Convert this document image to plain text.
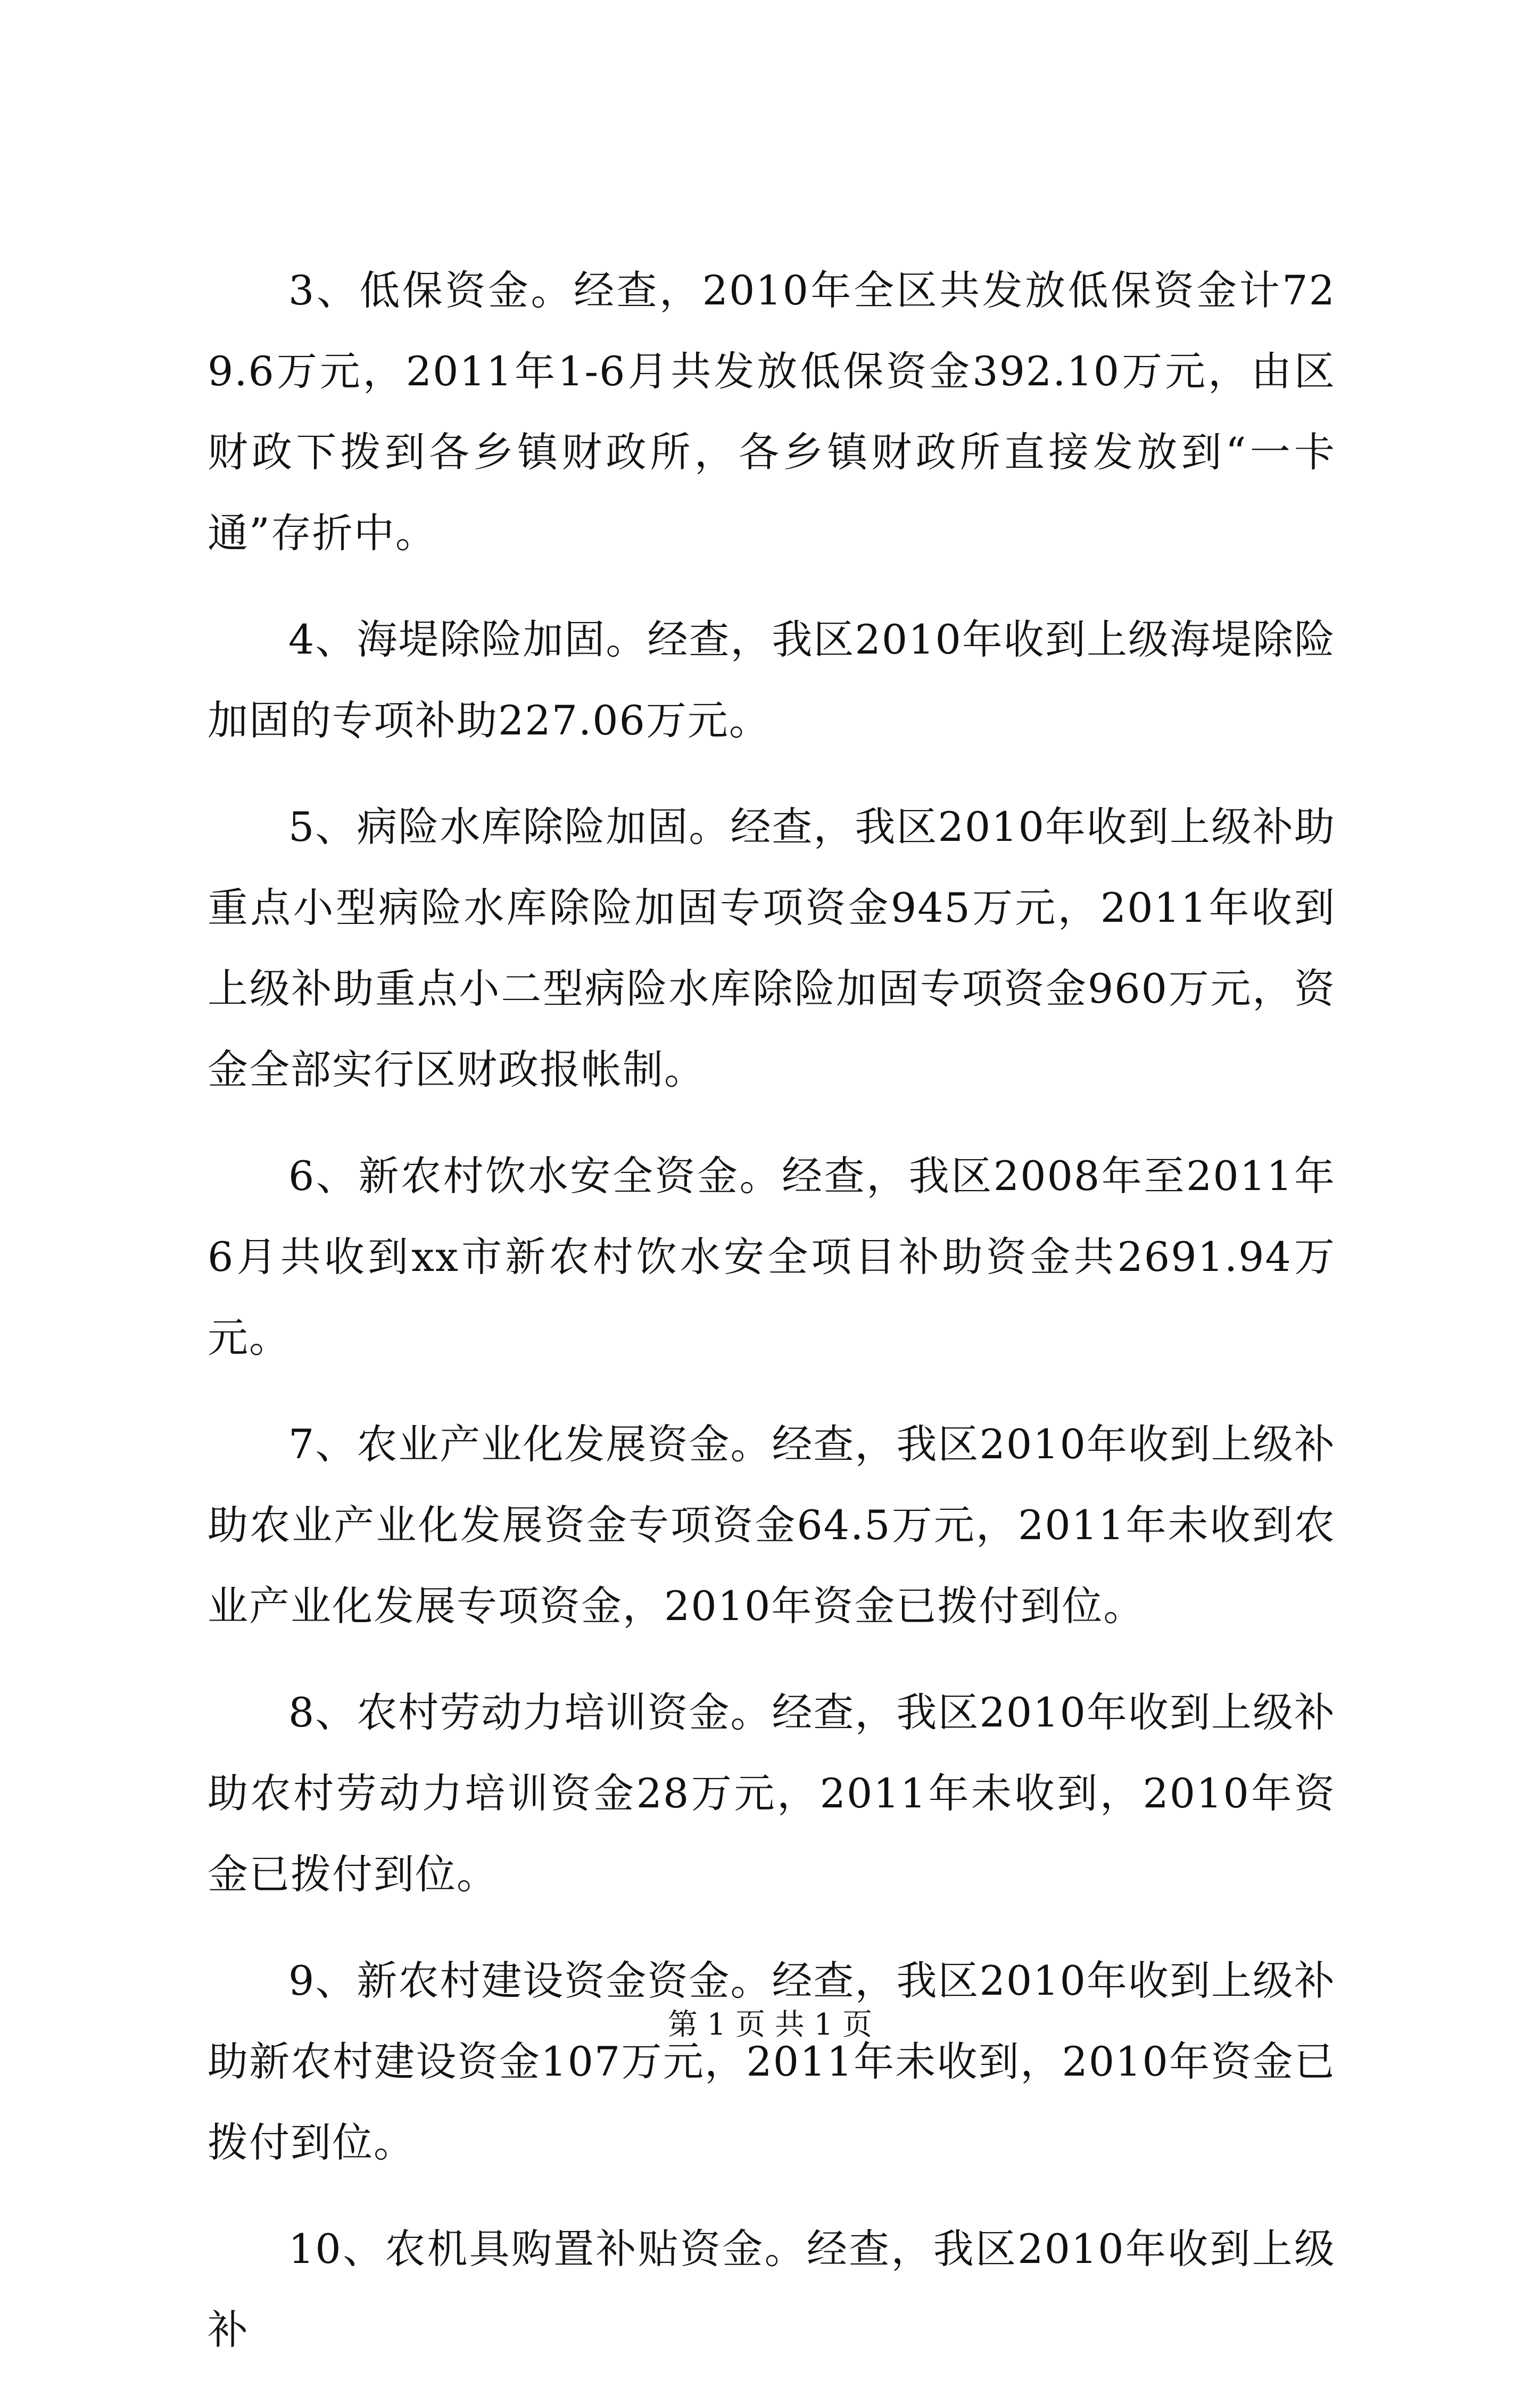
3、低保资金。经查，2010年全区共发放低保资金计729.6万元，2011年1-6月共发放低保资金392.10万元，由区财政下拨到各乡镇财政所，各乡镇财政所直接发放到“一卡通”存折中。

4、海堤除险加固。经查，我区2010年收到上级海堤除险加固的专项补助227.06万元。

5、病险水库除险加固。经查，我区2010年收到上级补助重点小型病险水库除险加固专项资金945万元，2011年收到上级补助重点小二型病险水库除险加固专项资金960万元，资金全部实行区财政报帐制。

6、新农村饮水安全资金。经查，我区2008年至2011年6月共收到xx市新农村饮水安全项目补助资金共2691.94万元。

7、农业产业化发展资金。经查，我区2010年收到上级补助农业产业化发展资金专项资金64.5万元，2011年未收到农业产业化发展专项资金，2010年资金已拨付到位。

8、农村劳动力培训资金。经查，我区2010年收到上级补助农村劳动力培训资金28万元，2011年未收到，2010年资金已拨付到位。

9、新农村建设资金资金。经查，我区2010年收到上级补助新农村建设资金107万元，2011年未收到，2010年资金已拨付到位。

10、农机具购置补贴资金。经查，我区2010年收到上级补

第 1 页 共 1 页
